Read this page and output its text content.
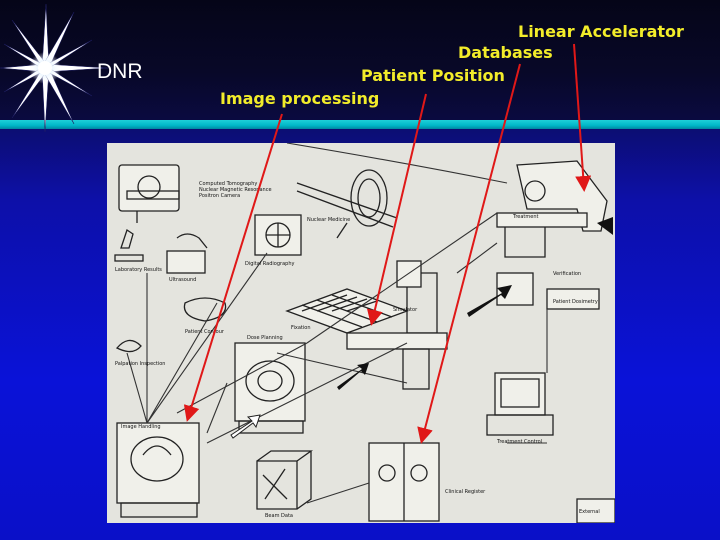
DNR
Linear Accelerator
Databases
Patient Position
Image processing
Computed Tomography
Nuclear Magnetic Resonance
Positron Camera
Nuclear Medicine
Digital Radiography
Ultrasound
Laboratory Results
Patient Contour
Palpation Inspection
Fixation
Simulator
Dose Planning
Image Handling
Beam Data
Clinical Register
Treatment
Verification
Patient Dosimetry
Treatment Control
External
